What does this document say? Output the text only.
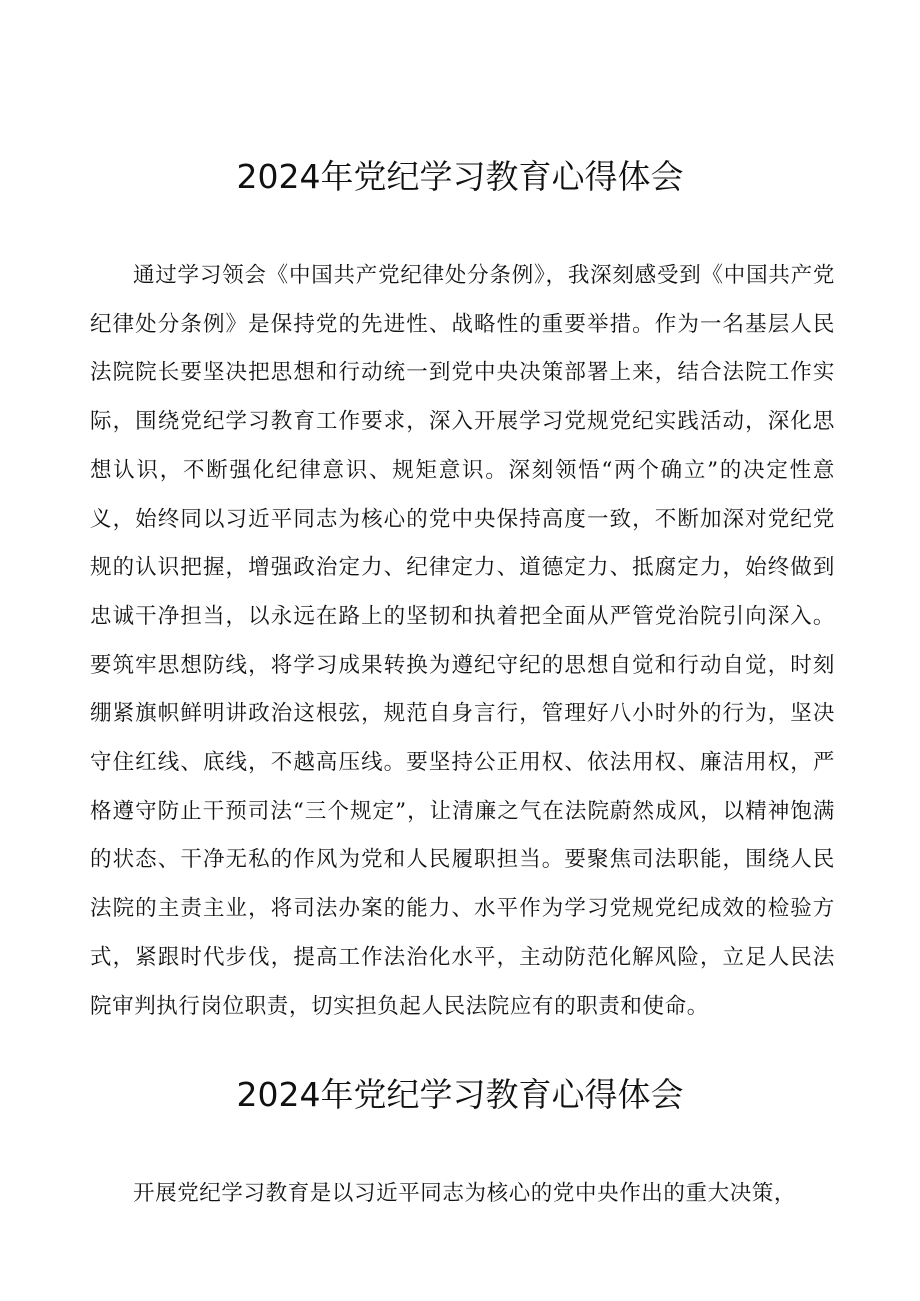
2024年党纪学习教育心得体会

通过学习领会《中国共产党纪律处分条例》，我深刻感受到《中国共产党纪律处分条例》是保持党的先进性、战略性的重要举措。作为一名基层人民法院院长要坚决把思想和行动统一到党中央决策部署上来，结合法院工作实际，围绕党纪学习教育工作要求，深入开展学习党规党纪实践活动，深化思想认识，不断强化纪律意识、规矩意识。深刻领悟“两个确立”的决定性意义，始终同以习近平同志为核心的党中央保持高度一致，不断加深对党纪党规的认识把握，增强政治定力、纪律定力、道德定力、抵腐定力，始终做到忠诚干净担当，以永远在路上的坚韧和执着把全面从严管党治院引向深入。要筑牢思想防线，将学习成果转换为遵纪守纪的思想自觉和行动自觉，时刻绷紧旗帜鲜明讲政治这根弦，规范自身言行，管理好八小时外的行为，坚决守住红线、底线，不越高压线。要坚持公正用权、依法用权、廉洁用权，严格遵守防止干预司法“三个规定”，让清廉之气在法院蔚然成风，以精神饱满的状态、干净无私的作风为党和人民履职担当。要聚焦司法职能，围绕人民法院的主责主业，将司法办案的能力、水平作为学习党规党纪成效的检验方式，紧跟时代步伐，提高工作法治化水平，主动防范化解风险，立足人民法院审判执行岗位职责，切实担负起人民法院应有的职责和使命。

2024年党纪学习教育心得体会

开展党纪学习教育是以习近平同志为核心的党中央作出的重大决策，
